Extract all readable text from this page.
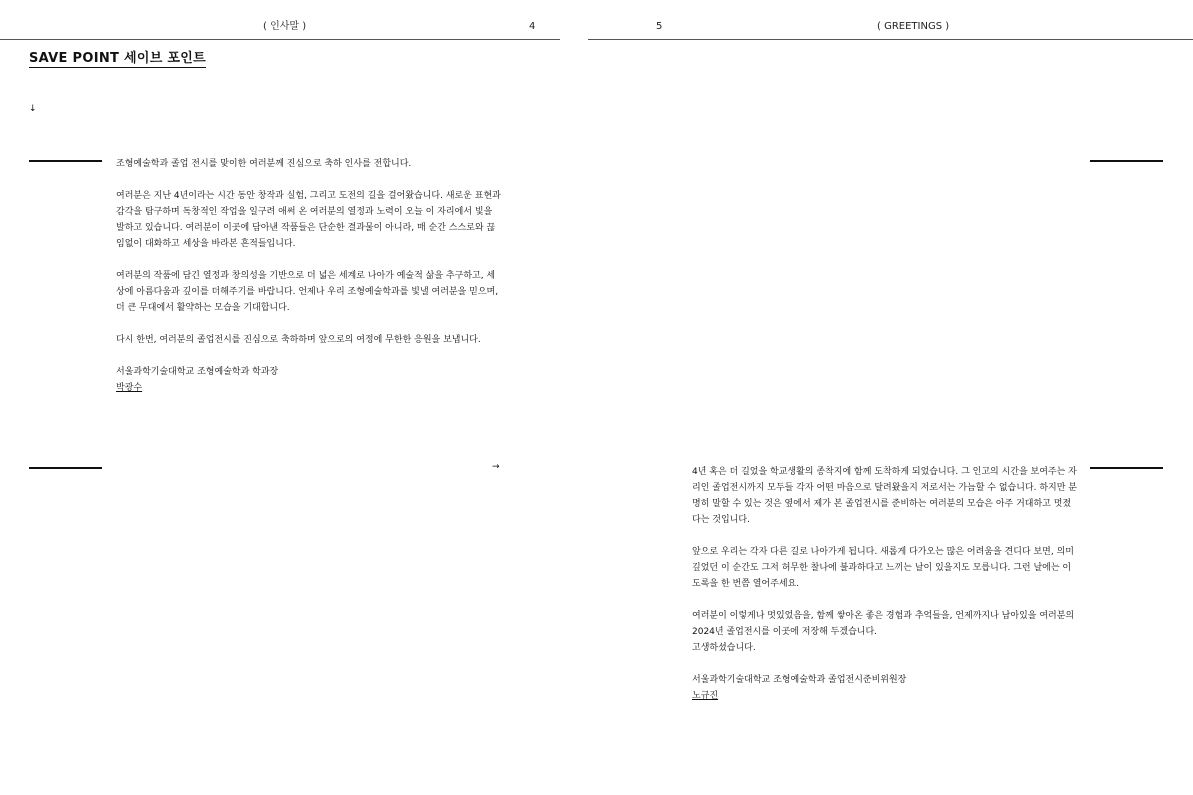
( 인사말 )	4
SAVE POINT 세이브 포인트
↓

조형예술학과 졸업 전시를 맞이한 여러분께 진심으로 축하 인사를 전합니다.

여러분은 지난 4년이라는 시간 동안 창작과 실험, 그리고 도전의 길을 걸어왔습니다. 새로운 표현과 감각을 탐구하며 독창적인 작업을 일구려 애써 온 여러분의 열정과 노력이 오늘 이 자리에서 빛을 발하고 있습니다. 여러분이 이곳에 담아낸 작품들은 단순한 결과물이 아니라, 매 순간 스스로와 끊임없이 대화하고 세상을 바라본 흔적들입니다.

여러분의 작품에 담긴 열정과 창의성을 기반으로 더 넓은 세계로 나아가 예술적 삶을 추구하고, 세상에 아름다움과 깊이를 더해주기를 바랍니다. 언제나 우리 조형예술학과를 빛낼 여러분을 믿으며, 더 큰 무대에서 활약하는 모습을 기대합니다.

다시 한번, 여러분의 졸업전시를 진심으로 축하하며 앞으로의 여정에 무한한 응원을 보냅니다.

서울과학기술대학교 조형예술학과 학과장

박광수

→
5	( GREETINGS )

4년 혹은 더 길었을 학교생활의 종착지에 함께 도착하게 되었습니다. 그 인고의 시간을 보여주는 자리인 졸업전시까지 모두들 각자 어떤 마음으로 달려왔을지 저로서는 가늠할 수 없습니다. 하지만 분명히 말할 수 있는 것은 옆에서 제가 본 졸업전시를 준비하는 여러분의 모습은 아주 거대하고 멋졌다는 것입니다.

앞으로 우리는 각자 다른 길로 나아가게 됩니다. 새롭게 다가오는 많은 어려움을 견디다 보면, 의미 깊었던 이 순간도 그저 허무한 찰나에 불과하다고 느끼는 날이 있을지도 모릅니다. 그런 날에는 이 도록을 한 번쯤 열어주세요.

여러분이 이렇게나 멋있었음을, 함께 쌓아온 좋은 경험과 추억들을, 언제까지나 남아있을 여러분의 2024년 졸업전시를 이곳에 저장해 두겠습니다.

고생하셨습니다.

서울과학기술대학교 조형예술학과 졸업전시준비위원장

노규진
